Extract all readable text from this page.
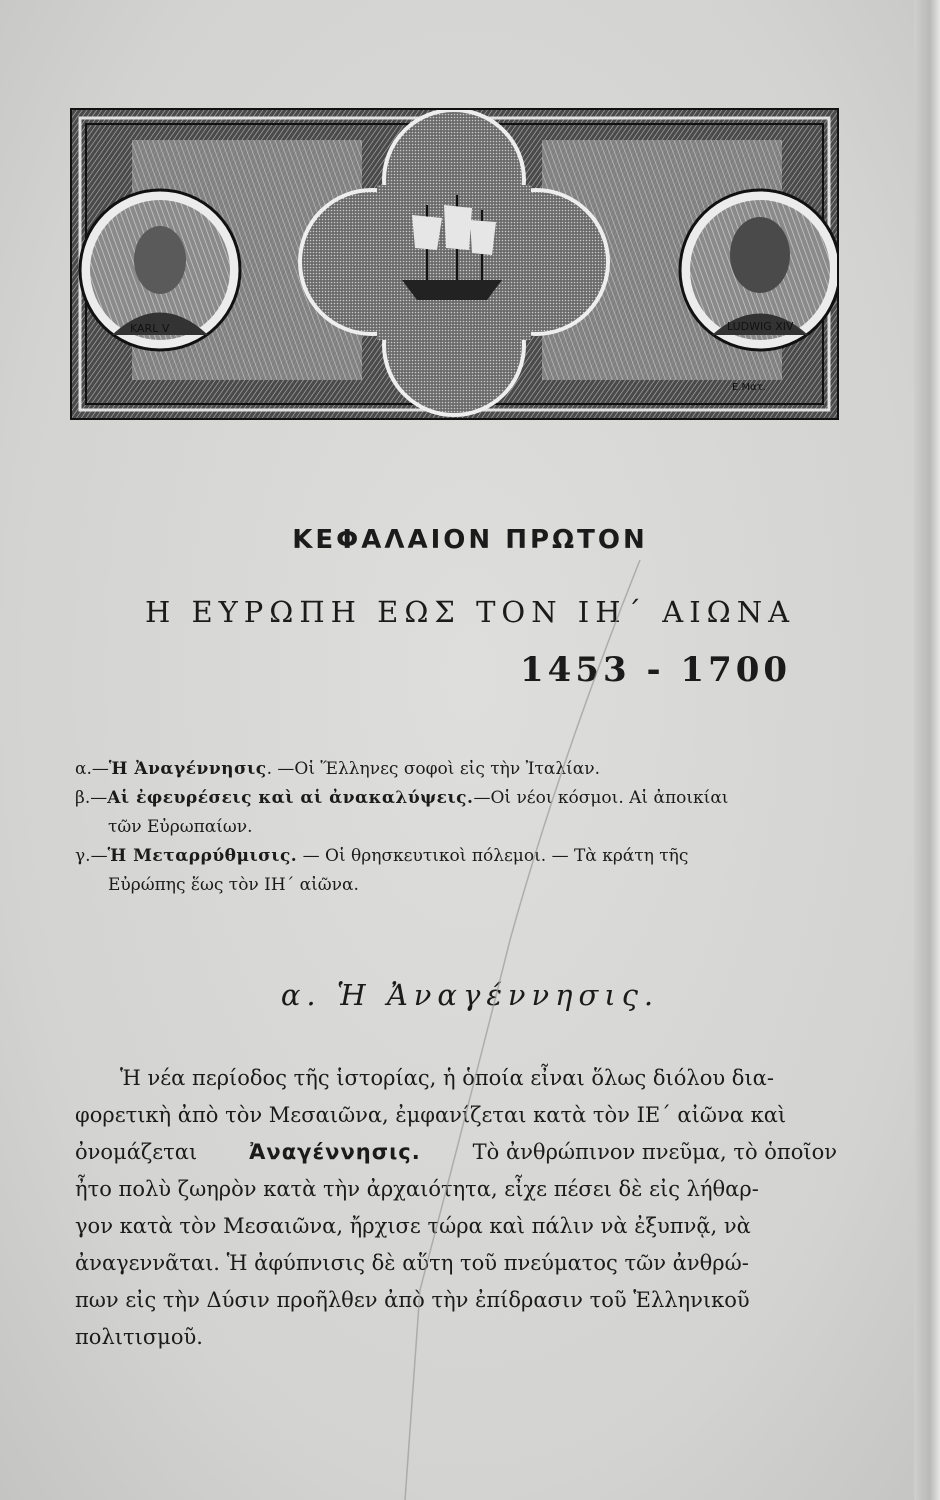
KARL V	LUDWIG XIV
Ε.Ματ.
ΚΕΦΑΛΑΙΟΝ ΠΡΩΤΟΝ
Η ΕΥΡΩΠΗ ΕΩΣ ΤΟΝ ΙΗ΄ ΑΙΩΝΑ
1453 - 1700
α.—Ἡ Ἀναγέννησις. —Οἱ Ἕλληνες σοφοὶ εἰς τὴν Ἰταλίαν.
β.—Αἱ ἐφευρέσεις καὶ αἱ ἀνακαλύψεις.—Οἱ νέοι κόσμοι. Αἱ ἀποικίαι
τῶν Εὐρωπαίων.
γ.—Ἡ Μεταρρύθμισις. — Οἱ θρησκευτικοὶ πόλεμοι. — Τὰ κράτη τῆς
Εὐρώπης ἕως τὸν ΙΗ΄ αἰῶνα.
α. Ἡ Ἀναγέννησις.
Ἡ νέα περίοδος τῆς ἱστορίας, ἡ ὁποία εἶναι ὅλως διόλου δια-
φορετικὴ ἀπὸ τὸν Μεσαιῶνα, ἐμφανίζεται κατὰ τὸν ΙΕ΄ αἰῶνα καὶ
ὀνομάζεται Ἀναγέννησις. Τὸ ἀνθρώπινον πνεῦμα, τὸ ὁποῖον
ἦτο πολὺ ζωηρὸν κατὰ τὴν ἀρχαιότητα, εἶχε πέσει δὲ εἰς λήθαρ-
γον κατὰ τὸν Μεσαιῶνα, ἤρχισε τώρα καὶ πάλιν νὰ ἐξυπνᾷ, νὰ
ἀναγεννᾶται. Ἡ ἀφύπνισις δὲ αὕτη τοῦ πνεύματος τῶν ἀνθρώ-
πων εἰς τὴν Δύσιν προῆλθεν ἀπὸ τὴν ἐπίδρασιν τοῦ Ἑλληνικοῦ
πολιτισμοῦ.
